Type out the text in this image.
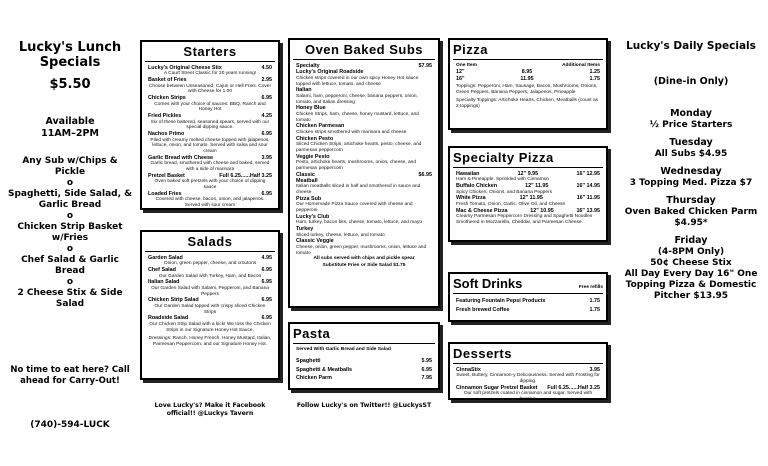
Lucky's Lunch Specials
$5.50
Available
11AM–2PM
Any Sub w/Chips & Pickle
o
Spaghetti, Side Salad, & Garlic Bread
o
Chicken Strip Basket w/Fries
o
Chef Salad & Garlic Bread
o
2 Cheese Stix & Side Salad
No time to eat here? Call ahead for Carry-Out!
(740)-594-LUCK
Starters
Lucky's Original Cheese Stix	4.50
A Court Street Classic for 20 years running!
Basket of Fries	2.95
Choose between Unseasoned, Cajun or Hell Fries. Cover with Cheese for 1.00
Chicken Strips	6.95
Comes with your choice of sauces: BBQ, Ranch and Honey Hot
Fried Pickles	4.25
Six of these battered, seasoned spears, served with our special dipping sauce.
Nachos Primo	6.95
Piled with creamy melted cheese topped with jalapenos, lettuce, onion, and tomato. Served with salsa and sour cream
Garlic Bread with Cheese	3.95
Garlic bread, smothered with cheese and baked, served with a side of marinara
Pretzel Basket	Full 6.25......Half 3.25
Oven baked soft pretzels with your choice of dipping sauce
Loaded Fries	6.95
Covered with cheese, bacon, onion, and jalapenos. Served with sour cream
Salads
Garden Salad	4.95
Onion, green pepper, cheese, and croutons
Chef Salad	6.95
Our Garden Salad with Turkey, Ham, and Bacon
Italian Salad	6.95
Our Garden Salad with Salami, Pepperoni, and Banana Peppers
Chicken Strip Salad	6.95
Our Garden Salad topped with crispy sliced Chicken Strips
Roadside Salad	6.95
Our Chicken Strip Salad with a kick! We toss the Chicken Strips in our Signature Honey Hot Sauce.
Dressings: Ranch, Honey French, Honey Mustard, Italian, Parmesan Peppercorn, and our Signature Honey Hot.
Oven Baked Subs
Specialty	$7.95
Lucky's Original Roadside
Chicken strips covered in our own spicy Honey Hot sauce topped with lettuce, tomato, and cheese
Italian
Salami, ham, pepperoni, cheese, banana peppers, onion, tomato, and Italian dressing
Honey Blue
Chicken Strips, ham, cheese, honey mustard, lettuce, and tomato
Chicken Parmesan
Chicken strips smothered with marinara and cheese
Chicken Pesto
Sliced Chicken Strips, artichoke hearts, pesto, cheese, and parmesan peppercorn
Veggie Pesto
Pesto, artichoke hearts, mushrooms, onion, cheese, and parmesan peppercorn
Classic	$6.95
Meatball
Italian meatballs sliced in half and smothered in sauce and cheese
Pizza Sub
Our Homemade Pizza Sauce covered with cheese and pepperoni
Lucky's Club
Ham, turkey, bacon bits, cheese, tomato, lettuce, and mayo
Turkey
Sliced turkey, cheese, lettuce, and tomato
Classic Veggie
Cheese, onion, green pepper, mushrooms, onion, lettuce and tomato
All subs served with chips and pickle spear
Substitute Fries or Side Salad $1.75
Pasta
Served With Garlic Bread and Side Salad
Spaghetti	5.95
Spaghetti & Meatballs	6.95
Chicken Parm	7.95
Pizza
One Item	Additional Items
12"	8.95	1.25
16"	11.95	1.75
Toppings: Pepperoni, Ham, Sausage, Bacon, Mushrooms, Onions, Green Peppers, Banana Peppers, Jalapenos, Pineapple
Specialty Toppings: Artichoke Hearts, Chicken, Meatballs (count as 2 toppings)
Specialty Pizza
Hawaiian	12" 9.95	16" 12.95
Ham & Pineapple. Sprinkled with Cinnamon
Buffalo Chicken	12" 11.95	16" 14.95
Spicy Chicken, Onions, and Banana Peppers
White Pizza	12" 11.95	16" 11.95
Fresh Tomato, Onion, Garlic, Olive Oil, and Cheese
Mac & Cheese Pizza	12" 10.95	16" 13.95
Creamy Parmesan Peppercorn Dressing and Spaghetti Noodles Smothered in Mozzarella, Cheddar, and Parmesan Cheese.
Soft Drinks	Free refills
Featuring Fountain Pepsi Products	1.75
Fresh brewed Coffee	1.75
Desserts
CinnaStix	3.95
Sweet, Buttery, Cinnamon-y Deliciousness. Served with Frosting for dipping.
Cinnamon Sugar Pretzel Basket Full 6.25......Half 3.25
Our soft pretzels coated in cinnamon and sugar. Served with frosting.
Love Lucky's? Make it Facebook official!! @Luckys Tavern
Follow Lucky's on Twitter!! @LuckysST
Lucky's Daily Specials
(Dine-in Only)
Monday
½ Price Starters
Tuesday
All Subs $4.95
Wednesday
3 Topping Med. Pizza $7
Thursday
Oven Baked Chicken Parm $4.95*
Friday
(4-8PM Only)
50¢ Cheese Stix
All Day Every Day 16" One Topping Pizza & Domestic Pitcher $13.95
